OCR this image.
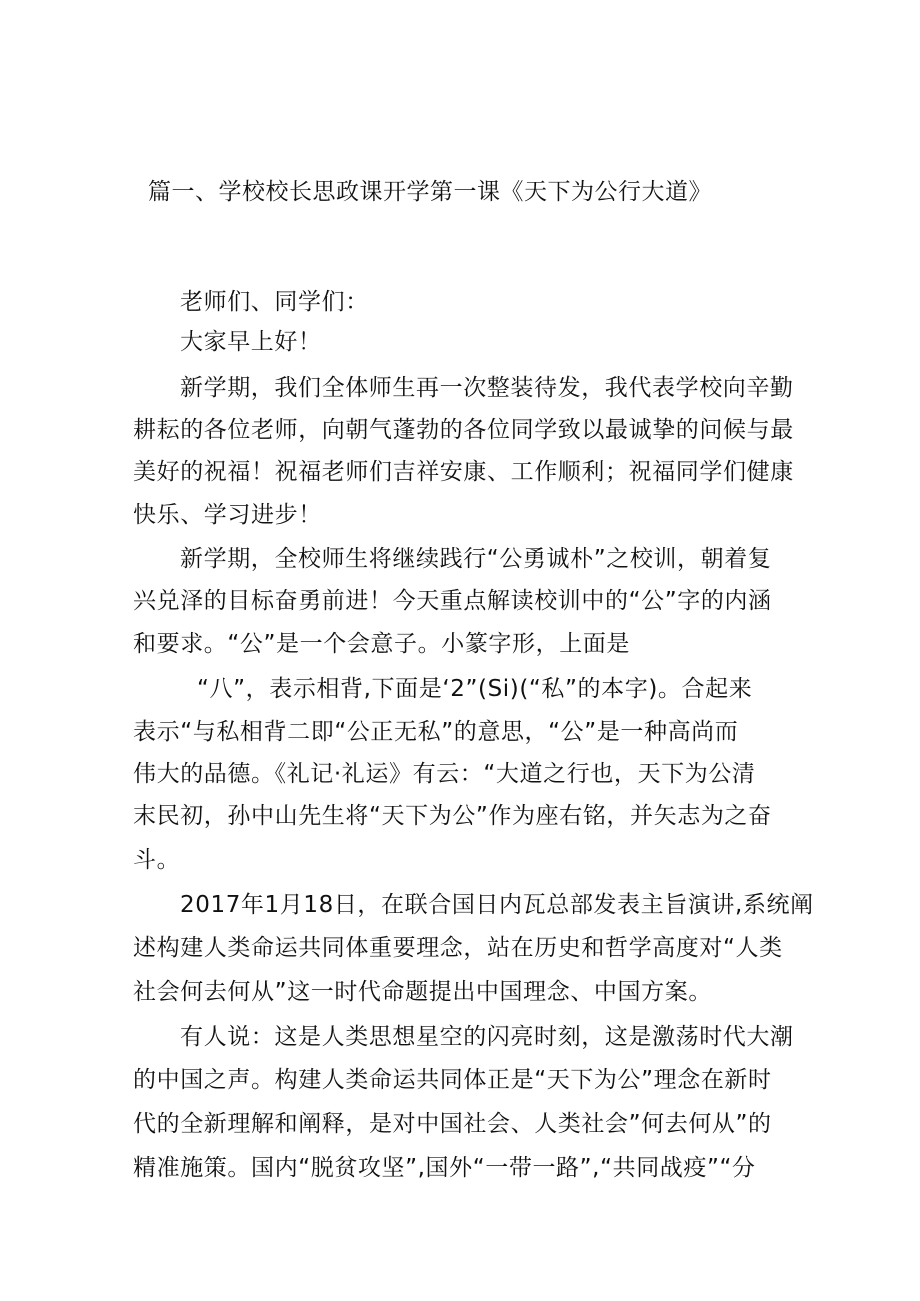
篇一、学校校长思政课开学第一课《天下为公行大道》
老师们、同学们：
大家早上好！
新学期，我们全体师生再一次整装待发，我代表学校向辛勤
耕耘的各位老师，向朝气蓬勃的各位同学致以最诚挚的问候与最
美好的祝福！祝福老师们吉祥安康、工作顺利；祝福同学们健康
快乐、学习进步！
新学期，全校师生将继续践行“公勇诚朴”之校训，朝着复
兴兑泽的目标奋勇前进！今天重点解读校训中的“公”字的内涵
和要求。“公”是一个会意子。小篆字形，上面是
“八”，表示相背,下面是‘2”(Si)(“私”的本字)。合起来
表示“与私相背二即“公正无私”的意思，“公”是一种高尚而
伟大的品德。《礼记·礼运》有云：“大道之行也，天下为公清
末民初，孙中山先生将“天下为公”作为座右铭，并矢志为之奋
斗。
2017年1月18日，在联合国日内瓦总部发表主旨演讲,系统阐
述构建人类命运共同体重要理念，站在历史和哲学高度对“人类
社会何去何从”这一时代命题提出中国理念、中国方案。
有人说：这是人类思想星空的闪亮时刻，这是激荡时代大潮
的中国之声。构建人类命运共同体正是“天下为公”理念在新时
代的全新理解和阐释，是对中国社会、人类社会”何去何从”的
精准施策。国内“脱贫攻坚”,国外“一带一路”,“共同战疫”“分
